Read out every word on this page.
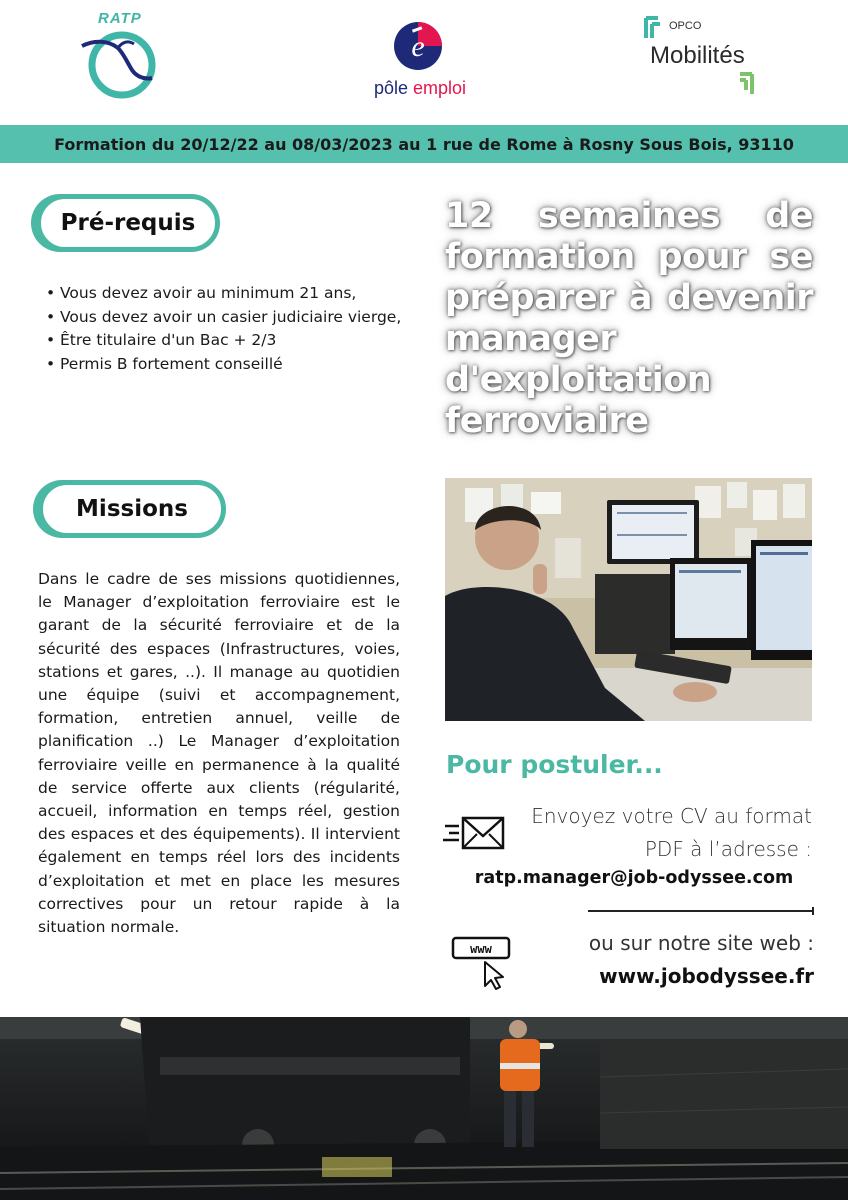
RATP
e
pôle emploi
OPCO
Mobilités
Formation du 20/12/22 au 08/03/2023 au 1 rue de Rome à Rosny Sous Bois, 93110
Pré-requis
• Vous devez avoir au minimum 21 ans,
• Vous devez avoir un casier judiciaire vierge,
• Être titulaire d'un Bac + 2/3
• Permis B fortement conseillé
12 semaines de formation pour se préparer à devenir manager d'exploitation ferroviaire
Missions

Dans le cadre de ses missions quotidiennes, le Manager d’exploitation ferroviaire est le garant de la sécurité ferroviaire et de la sécurité des espaces (Infrastructures, voies, stations et gares, ..). Il manage au quotidien une équipe (suivi et accompagnement, formation, entretien annuel, veille de planification ..) Le Manager d’exploitation ferroviaire veille en permanence à la qualité de service offerte aux clients (régularité, accueil, information en temps réel, gestion des espaces et des équipements). Il intervient également en temps réel lors des incidents d’exploitation et met en place les mesures correctives pour un retour rapide à la situation normale.

Pour postuler...
Envoyez votre CV au format
PDF à l’adresse :
ratp.manager@job-odyssee.com
www	ou sur notre site web :
www.jobodyssee.fr
